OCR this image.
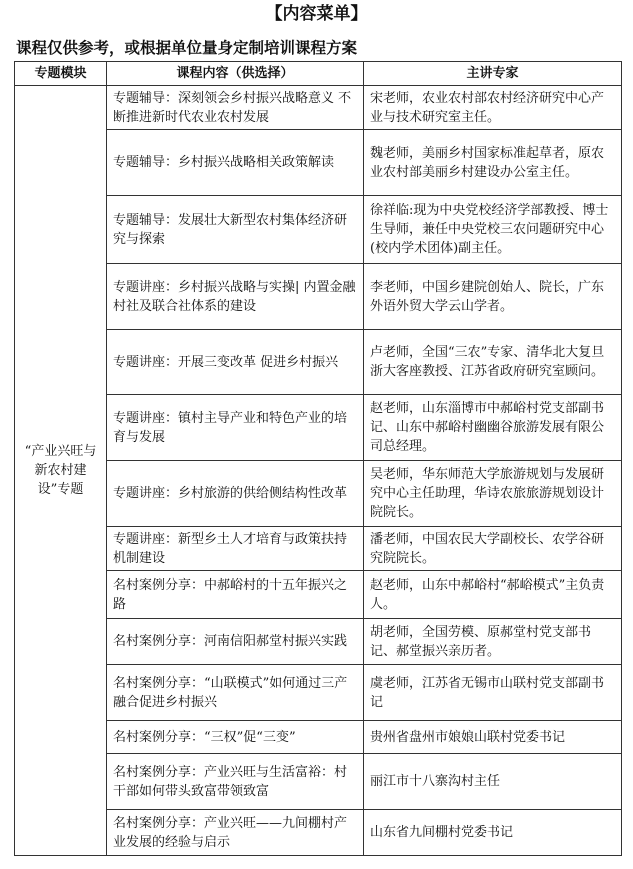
【内容菜单】
课程仅供参考，或根据单位量身定制培训课程方案
专题模块	课程内容（供选择）	主讲专家
“产业兴旺与新农村建设”专题	专题辅导：深刻领会乡村振兴战略意义 不断推进新时代农业农村发展	宋老师，农业农村部农村经济研究中心产业与技术研究室主任。
	专题辅导：乡村振兴战略相关政策解读	魏老师，美丽乡村国家标准起草者，原农业农村部美丽乡村建设办公室主任。
	专题辅导：发展壮大新型农村集体经济研究与探索	徐祥临:现为中央党校经济学部教授、博士生导师，兼任中央党校三农问题研究中心(校内学术团体)副主任。
	专题讲座：乡村振兴战略与实操| 内置金融村社及联合社体系的建设	李老师，中国乡建院创始人、院长，广东外语外贸大学云山学者。
	专题讲座：开展三变改革 促进乡村振兴	卢老师，全国“三农”专家、清华北大复旦浙大客座教授、江苏省政府研究室顾问。
	专题讲座：镇村主导产业和特色产业的培育与发展	赵老师，山东淄博市中郝峪村党支部副书记、山东中郝峪村幽幽谷旅游发展有限公司总经理。
	专题讲座：乡村旅游的供给侧结构性改革	吴老师，华东师范大学旅游规划与发展研究中心主任助理，华诗农旅旅游规划设计院院长。
	专题讲座：新型乡土人才培育与政策扶持机制建设	潘老师，中国农民大学副校长、农学谷研究院院长。
	名村案例分享：中郝峪村的十五年振兴之路	赵老师，山东中郝峪村“郝峪模式”主负责人。
	名村案例分享：河南信阳郝堂村振兴实践	胡老师，全国劳模、原郝堂村党支部书记、郝堂振兴亲历者。
	名村案例分享：“山联模式”如何通过三产融合促进乡村振兴	虞老师，江苏省无锡市山联村党支部副书记
	名村案例分享：“三权”促“三变”	贵州省盘州市娘娘山联村党委书记
	名村案例分享：产业兴旺与生活富裕：村干部如何带头致富带领致富	丽江市十八寨沟村主任
	名村案例分享：产业兴旺——九间棚村产业发展的经验与启示	山东省九间棚村党委书记
